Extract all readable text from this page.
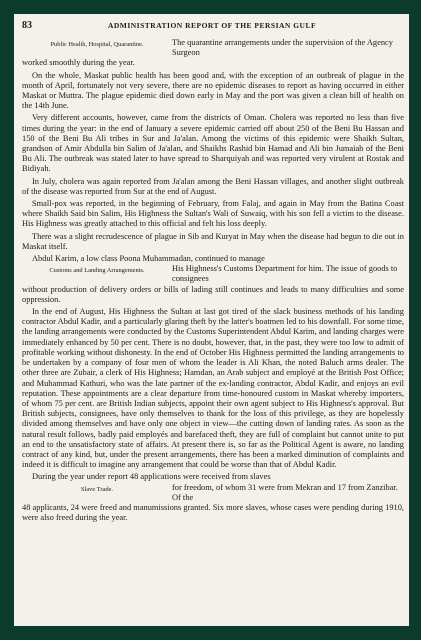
83	ADMINISTRATION REPORT OF THE PERSIAN GULF
Public Health, Hospital, Quarantine.	The quarantine arrangements under the supervision of the Agency Surgeon

worked smoothly during the year.

On the whole, Maskat public health has been good and, with the exception of an outbreak of plague in the month of April, fortunately not very severe, there are no epidemic diseases to report as having occurred in either Maskat or Muttra. The plague epidemic died down early in May and the port was given a clean bill of health on the 14th June.

Very different accounts, however, came from the districts of Oman. Cholera was reported no less than five times during the year: in the end of January a severe epidemic carried off about 250 of the Beni Bu Hassan and 150 of the Beni Bu Ali tribes in Sur and Ja'alan. Among the victims of this epidemic were Shaikh Sultan, grandson of Amir Abdulla bin Salim of Ja'alan, and Shaikhs Rashid bin Hamad and Ali bin Jumaiah of the Beni Bu Ali. The outbreak was stated later to have spread to Sharquiyah and was reported very virulent at Rostak and Bidiyah.

In July, cholera was again reported from Ja'alan among the Beni Hassan villages, and another slight outbreak of the disease was reported from Sur at the end of August.

Small-pox was reported, in the beginning of February, from Falaj, and again in May from the Batina Coast where Shaikh Said bin Salim, His Highness the Sultan's Wali of Suwaiq, with his son fell a victim to the disease. His Highness was greatly attached to this official and felt his loss deeply.

There was a slight recrudescence of plague in Sib and Kuryat in May when the disease had begun to die out in Maskat itself.

Abdul Karim, a low class Poona Muhammadan, continued to manage

Customs and Landing Arrangements.	His Highness's Customs Department for him. The issue of goods to consignees

without production of delivery orders or bills of lading still continues and leads to many difficulties and some oppression.

In the end of August, His Highness the Sultan at last got tired of the slack business methods of his landing contractor Abdul Kadir, and a particularly glaring theft by the latter's boatmen led to his downfall. For some time, the landing arrangements were conducted by the Customs Superintendent Abdul Karim, and landing charges were immediately enhanced by 50 per cent. There is no doubt, however, that, in the past, they were too low to admit of profitable working without dishonesty. In the end of October His Highness permitted the landing arrangements to be undertaken by a company of four men of whom the leader is Ali Khan, the noted Baluch arms dealer. The other three are Zubair, a clerk of His Highness; Hamdan, an Arab subject and employé at the British Post Office; and Muhammad Kathuri, who was the late partner of the ex-landing contractor, Abdul Kadir, and enjoys an evil reputation. These appointments are a clear departure from time-honoured custom in Maskat whereby importers, of whom 75 per cent. are British Indian subjects, appoint their own agent subject to His Highness's approval. But British subjects, consignees, have only themselves to thank for the loss of this privilege, as they are hopelessly divided among themselves and have only one object in view—the cutting down of landing rates. As soon as the natural result follows, badly paid employés and barefaced theft, they are full of complaint but cannot unite to put an end to the unsatisfactory state of affairs. At present there is, so far as the Political Agent is aware, no landing contract of any kind, but, under the present arrangements, there has been a marked diminution of complaints and indeed it is difficult to imagine any arrangement that could be worse than that of Abdul Kadir.

During the year under report 48 applications were received from slaves

Slave Trade.	for freedom, of whom 31 were from Mekran and 17 from Zanzibar. Of the

48 applicants, 24 were freed and manumissions granted. Six more slaves, whose cases were pending during 1910, were also freed during the year.
